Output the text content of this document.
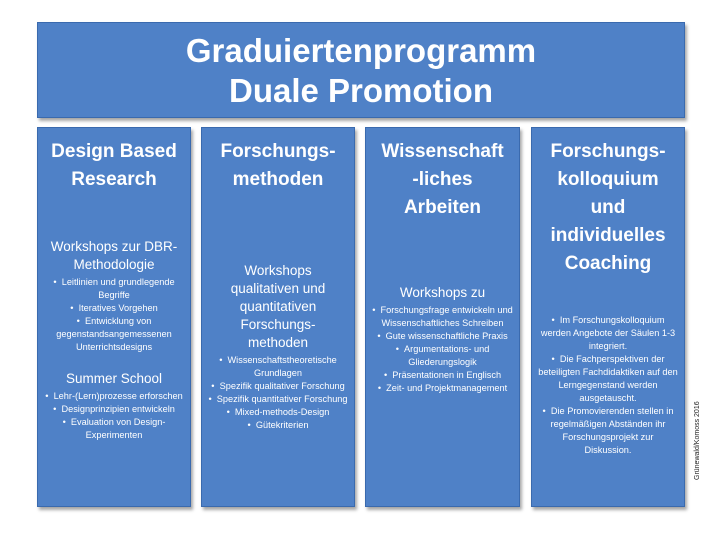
Graduiertenprogramm
Duale Promotion
Design Based
Research
Workshops zur DBR-
Methodologie
•  Leitlinien und grundlegende Begriffe
•  Iteratives Vorgehen
•  Entwicklung von gegenstandsangemessenen Unterrichtsdesigns
Summer School
•  Lehr-(Lern)prozesse erforschen
•  Designprinzipien entwickeln
•  Evaluation von Design-Experimenten
Forschungs-
methoden
Workshops
qualitativen und
quantitativen
Forschungs-
methoden
•  Wissenschaftstheoretische Grundlagen
•  Spezifik qualitativer Forschung
•  Spezifik quantitativer Forschung
•  Mixed-methods-Design
•  Gütekriterien
Wissenschaft
-liches
Arbeiten
Workshops zu
•  Forschungsfrage entwickeln und Wissenschaftliches Schreiben
•  Gute wissenschaftliche Praxis
•  Argumentations- und Gliederungslogik
•  Präsentationen in Englisch
•  Zeit- und Projektmanagement
Forschungs-
kolloquium
und
individuelles
Coaching
•  Im Forschungskolloquium werden Angebote der Säulen 1-3 integriert.
•  Die Fachperspektiven der beteiligten Fachdidaktiken auf den Lerngegenstand werden ausgetauscht.
•  Die Promovierenden stellen in regelmäßigen Abständen ihr Forschungsprojekt zur Diskussion.	Grünewald/Komoss 2016
